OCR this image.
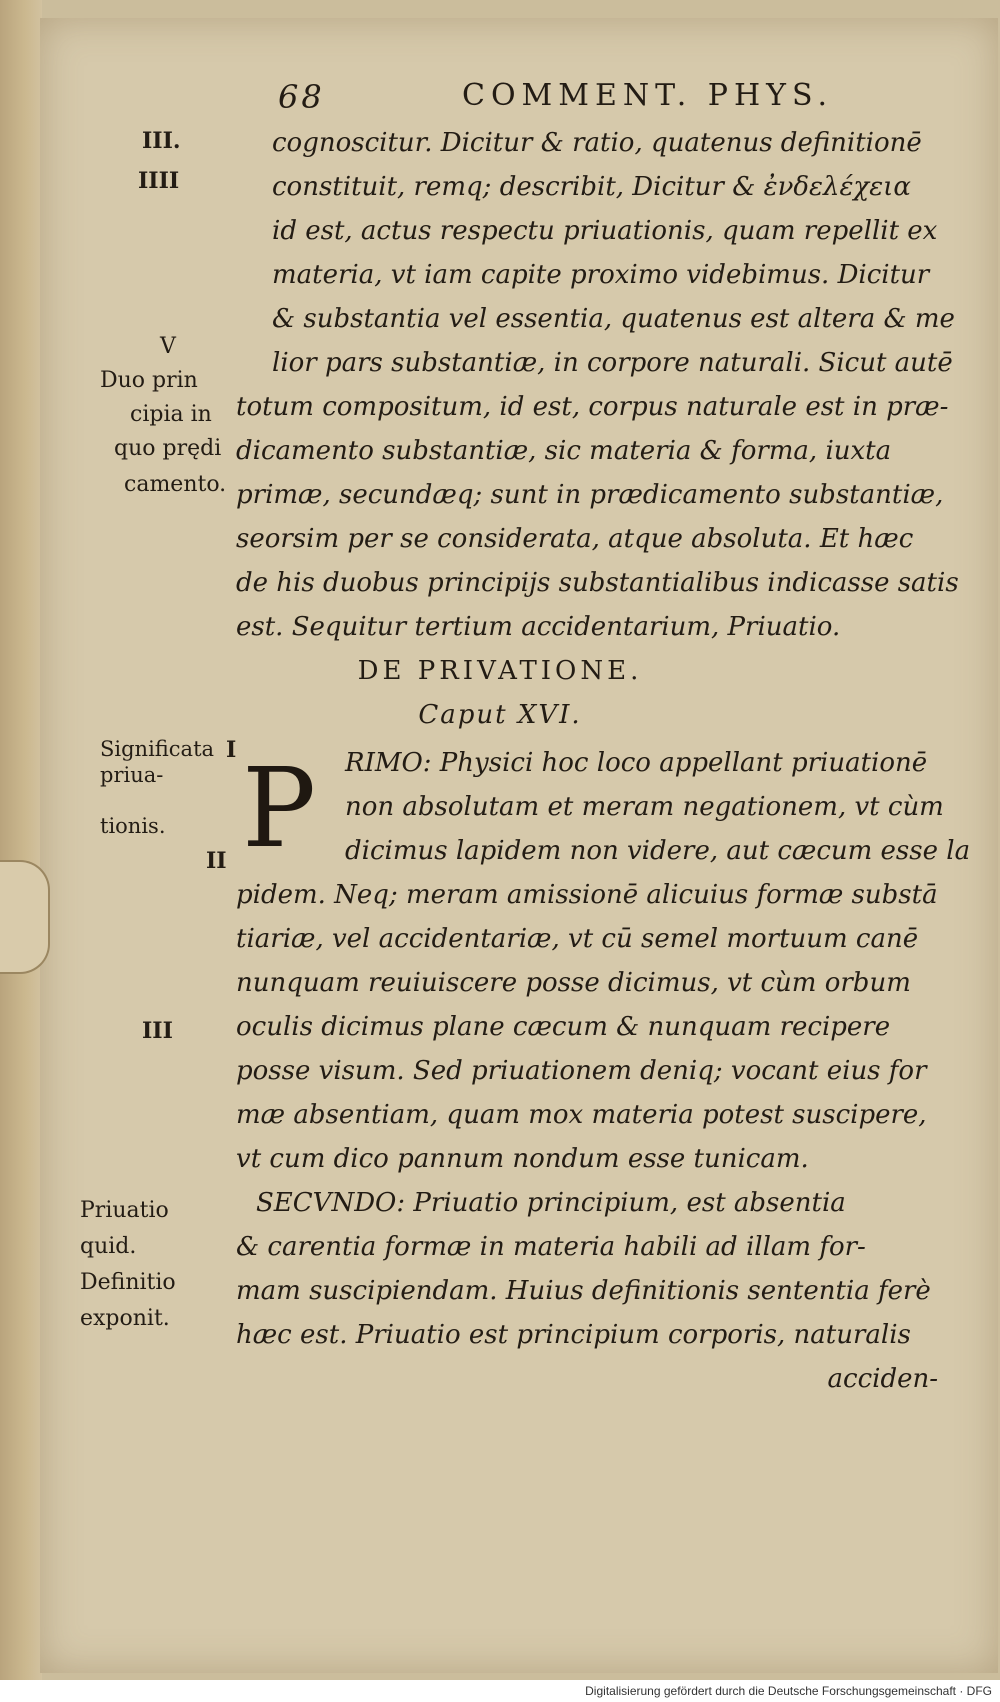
68	COMMENT. PHYS.
III.
IIII
V
I
II
III
Duo prin
cipia in
quo prędi
camento.
Significata priua-
tionis.
Priuatio
quid.
Definitio
exponit.
cognoscitur. Dicitur & ratio, quatenus definitionē
constituit, remq; describit, Dicitur & ἐνδελέχεια
id est, actus respectu priuationis, quam repellit ex
materia, vt iam capite proximo videbimus. Dicitur
& substantia vel essentia, quatenus est altera & me
lior pars substantiæ, in corpore naturali. Sicut autē
totum compositum, id est, corpus naturale est in præ-
dicamento substantiæ, sic materia & forma, iuxta
primæ, secundæq; sunt in prædicamento substantiæ,
seorsim per se considerata, atque absoluta. Et hæc
de his duobus principijs substantialibus indicasse satis
est. Sequitur tertium accidentarium, Priuatio.
DE PRIVATIONE.
Caput XVI.
P	RIMO: Physici hoc loco appellant priuationē
non absolutam et meram negationem, vt cùm
dicimus lapidem non videre, aut cæcum esse la
pidem. Neq; meram amissionē alicuius formæ substā
tiariæ, vel accidentariæ, vt cū semel mortuum canē
nunquam reuiuiscere posse dicimus, vt cùm orbum
oculis dicimus plane cæcum & nunquam recipere
posse visum. Sed priuationem deniq; vocant eius for
mæ absentiam, quam mox materia potest suscipere,
vt cum dico pannum nondum esse tunicam.
SECVNDO: Priuatio principium, est absentia
& carentia formæ in materia habili ad illam for-
mam suscipiendam. Huius definitionis sententia ferè
hæc est. Priuatio est principium corporis, naturalis
acciden-
Digitalisierung gefördert durch die Deutsche Forschungsgemeinschaft · DFG
